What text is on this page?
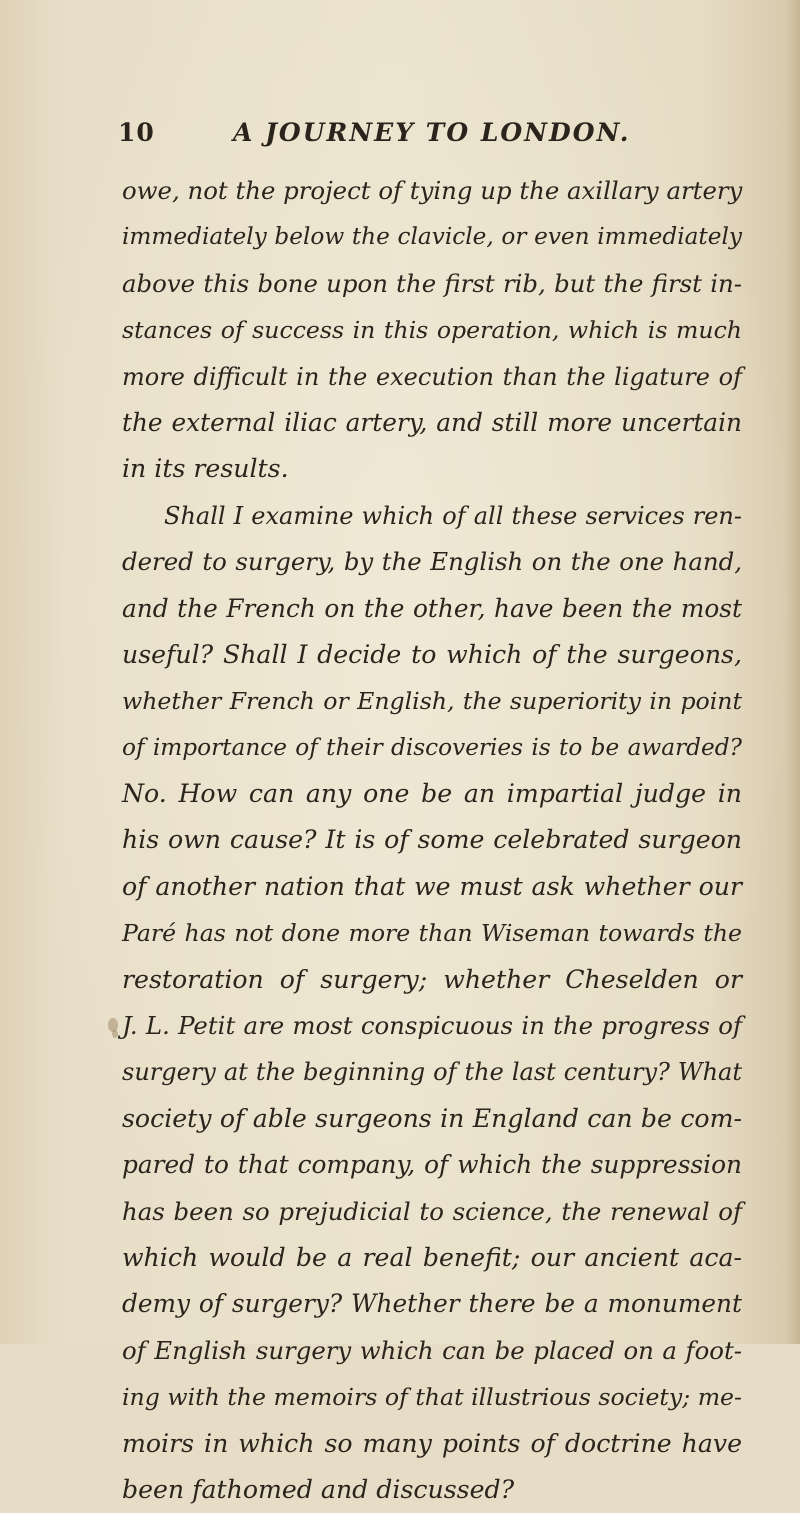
10	A JOURNEY TO LONDON.
owe, not the project of tying up the axillary artery
immediately below the clavicle, or even immediately
above this bone upon the first rib, but the first in-
stances of success in this operation, which is much
more difficult in the execution than the ligature of
the external iliac artery, and still more uncertain
in its results.
Shall I examine which of all these services ren-
dered to surgery, by the English on the one hand,
and the French on the other, have been the most
useful? Shall I decide to which of the surgeons,
whether French or English, the superiority in point
of importance of their discoveries is to be awarded?
No. How can any one be an impartial judge in
his own cause? It is of some celebrated surgeon
of another nation that we must ask whether our
Paré has not done more than Wiseman towards the
restoration of surgery; whether Cheselden or
J. L. Petit are most conspicuous in the progress of
surgery at the beginning of the last century? What
society of able surgeons in England can be com-
pared to that company, of which the suppression
has been so prejudicial to science, the renewal of
which would be a real benefit; our ancient aca-
demy of surgery? Whether there be a monument
of English surgery which can be placed on a foot-
ing with the memoirs of that illustrious society; me-
moirs in which so many points of doctrine have
been fathomed and discussed?
